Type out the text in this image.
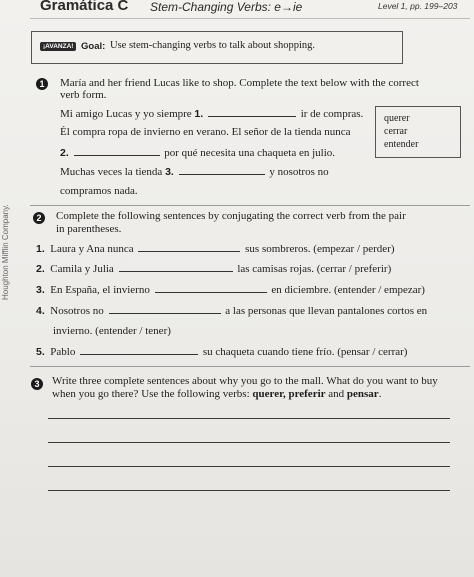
Gramática C Stem-Changing Verbs: e→ie	Level 1, pp. 199–203
¡AVANZA! Goal: Use stem-changing verbs to talk about shopping.
1	María and her friend Lucas like to shop. Complete the text below with the correct
verb form.
Mi amigo Lucas y yo siempre 1.	ir de compras.
Él compra ropa de invierno en verano. El señor de la tienda nunca
2.	por qué necesita una chaqueta en julio.
Muchas veces la tienda 3.	y nosotros no
compramos nada.
querer
cerrar
entender
2	Complete the following sentences by conjugating the correct verb from the pair
in parentheses.
1. Laura y Ana nunca	sus sombreros. (empezar / perder)
2. Camila y Julia	las camisas rojas. (cerrar / preferir)
3. En España, el invierno	en diciembre. (entender / empezar)
4. Nosotros no	a las personas que llevan pantalones cortos en
invierno. (entender / tener)
5. Pablo	su chaqueta cuando tiene frío. (pensar / cerrar)
3	Write three complete sentences about why you go to the mall. What do you want to buy
when you go there? Use the following verbs: querer, preferir and pensar.
Houghton Mifflin Company.
